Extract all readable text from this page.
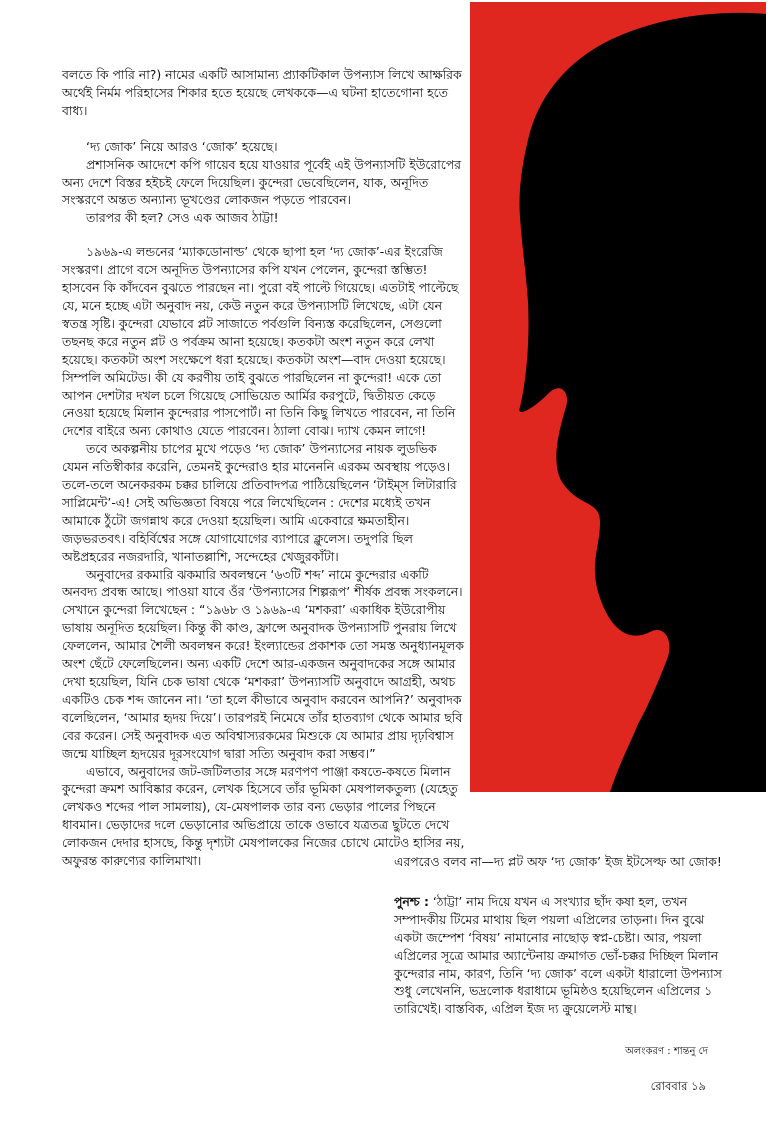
বলতে কি পারি না?) নামের একটি আসামান্য প্র্যাকটিকাল উপন্যাস লিখে আক্ষরিক অর্থেই নির্মম পরিহাসের শিকার হতে হয়েছে লেখককে—এ ঘটনা হাতেগোনা হতে বাধ্য।

‘দ্য জোক’ নিয়ে আরও ‘জোক’ হয়েছে।

প্রশাসনিক আদেশে কপি গায়েব হয়ে যাওয়ার পূর্বেই এই উপন্যাসটি ইউরোপের অন্য দেশে বিস্তর হইচই ফেলে দিয়েছিল। কুন্দেরা ভেবেছিলেন, যাক, অনূদিত সংস্করণে অন্তত অন্যান্য ভূখণ্ডের লোকজন পড়তে পারবেন।

তারপর কী হল? সেও এক আজব ঠাট্টা!

১৯৬৯-এ লন্ডনের ‘ম্যাকডোনাল্ড’ থেকে ছাপা হল ‘দ্য জোক’-এর ইংরেজি সংস্করণ। প্রাগে বসে অনূদিত উপন্যাসের কপি যখন পেলেন, কুন্দেরা স্তম্ভিত! হাসবেন কি কাঁদবেন বুঝতে পারছেন না। পুরো বই পাল্টে গিয়েছে। এতটাই পাল্টেছে যে, মনে হচ্ছে এটা অনুবাদ নয়, কেউ নতুন করে উপন্যাসটি লিখেছে, এটা যেন স্বতন্ত্র সৃষ্টি। কুন্দেরা যেভাবে প্লট সাজাতে পর্বগুলি বিন্যস্ত করেছিলেন, সেগুলো তছনছ করে নতুন প্লট ও পর্বক্রম আনা হয়েছে। কতকটা অংশ নতুন করে লেখা হয়েছে। কতকটা অংশ সংক্ষেপে ধরা হয়েছে। কতকটা অংশ—বাদ দেওয়া হয়েছে। সিম্পলি অমিটেড। কী যে করণীয় তাই বুঝতে পারছিলেন না কুন্দেরা! একে তো আপন দেশটার দখল চলে গিয়েছে সোভিয়েত আর্মির করপুটে, দ্বিতীয়ত কেড়ে নেওয়া হয়েছে মিলান কুন্দেরার পাসপোর্ট। না তিনি কিছু লিখতে পারবেন, না তিনি দেশের বাইরে অন্য কোথাও যেতে পারবেন। ঠ্যালা বোঝ। দ্যাখ কেমন লাগে!

তবে অকল্পনীয় চাপের মুখে পড়েও ‘দ্য জোক’ উপন্যাসের নায়ক লুডভিক যেমন নতিস্বীকার করেনি, তেমনই কুন্দেরাও হার মানেননি এরকম অবস্থায় পড়েও। তলে-তলে অনেকরকম চক্কর চালিয়ে প্রতিবাদপত্র পাঠিয়েছিলেন ‘টাইম্স লিটারারি সাপ্লিমেন্ট’-এ! সেই অভিজ্ঞতা বিষয়ে পরে লিখেছিলেন : দেশের মধ্যেই তখন আমাকে ঠুঁটো জগন্নাথ করে দেওয়া হয়েছিল। আমি একেবারে ক্ষমতাহীন। জড়ভরতবৎ। বহির্বিশ্বের সঙ্গে যোগাযোগের ব্যাপারে ক্লুলেস। তদুপরি ছিল অষ্টপ্রহরের নজরদারি, খানাতল্লাশি, সন্দেহের খেজুরকাঁটা।

অনুবাদের রকমারি ঝকমারি অবলম্বনে ‘৬৩টি শব্দ’ নামে কুন্দেরার একটি অনবদ্য প্রবন্ধ আছে। পাওয়া যাবে ওঁর ‘উপন্যাসের শিল্পরূপ’ শীর্ষক প্রবন্ধ সংকলনে। সেখানে কুন্দেরা লিখেছেন : “১৯৬৮ ও ১৯৬৯-এ ‘মশকরা’ একাধিক ইউরোপীয় ভাষায় অনূদিত হয়েছিল। কিন্তু কী কাণ্ড, ফ্রান্সে অনুবাদক উপন্যাসটি পুনরায় লিখে ফেললেন, আমার শৈলী অবলম্বন করে! ইংল্যান্ডের প্রকাশক তো সমস্ত অনুধ্যানমূলক অংশ ছেঁটে ফেলেছিলেন। অন্য একটি দেশে আর-একজন অনুবাদকের সঙ্গে আমার দেখা হয়েছিল, যিনি চেক ভাষা থেকে ‘মশকরা’ উপন্যাসটি অনুবাদে আগ্রহী, অথচ একটিও চেক শব্দ জানেন না। ‘তা হলে কীভাবে অনুবাদ করবেন আপনি?’ অনুবাদক বলেছিলেন, ‘আমার হৃদয় দিয়ে’। তারপরই নিমেষে তাঁর হাতব্যাগ থেকে আমার ছবি বের করেন। সেই অনুবাদক এত অবিশ্বাস্যরকমের মিশুকে যে আমার প্রায় দৃঢ়বিশ্বাস জন্মে যাচ্ছিল হৃদয়ের দূরসংযোগ দ্বারা সত্যি অনুবাদ করা সম্ভব।”

এভাবে, অনুবাদের জট-জটিলতার সঙ্গে মরণপণ পাঞ্জা কষতে-কষতে মিলান কুন্দেরা ক্রমশ আবিষ্কার করেন, লেখক হিসেবে তাঁর ভূমিকা মেষপালকতুল্য (যেহেতু লেখকও শব্দের পাল সামলায়), যে-মেষপালক তার বন্য ভেড়ার পালের পিছনে ধাবমান। ভেড়াদের দলে ভেড়ানোর অভিপ্রায়ে তাকে ওভাবে যত্রতত্র ছুটতে দেখে লোকজন দেদার হাসছে, কিন্তু দৃশ্যটা মেষপালকের নিজের চোখে মোটেও হাসির নয়, অফুরন্ত কারুণ্যের কালিমাখা।	এরপরেও বলব না—দ্য প্লট অফ ‘দ্য জোক’ ইজ ইটসেল্ফ আ জোক!

পুনশ্চ : ‘ঠাট্টা’ নাম দিয়ে যখন এ সংখ্যার ছাঁদ কষা হল, তখন সম্পাদকীয় টিমের মাথায় ছিল পয়লা এপ্রিলের তাড়না। দিন বুঝে একটা জম্পেশ ‘বিষয়’ নামানোর নাছোড় স্বপ্ন-চেষ্টা। আর, পয়লা এপ্রিলের সূত্রে আমার অ্যান্টেনায় ক্রমাগত ভোঁ-চক্কর দিচ্ছিল মিলান কুন্দেরার নাম, কারণ, তিনি ‘দ্য জোক’ বলে একটা ধারালো উপন্যাস শুধু লেখেননি, ভদ্রলোক ধরাধামে ভূমিষ্ঠও হয়েছিলেন এপ্রিলের ১ তারিখেই। বাস্তবিক, এপ্রিল ইজ দ্য ক্রুয়েলেস্ট মান্থ।

অলংকরণ : শান্তনু দে
রোববার ১৯
